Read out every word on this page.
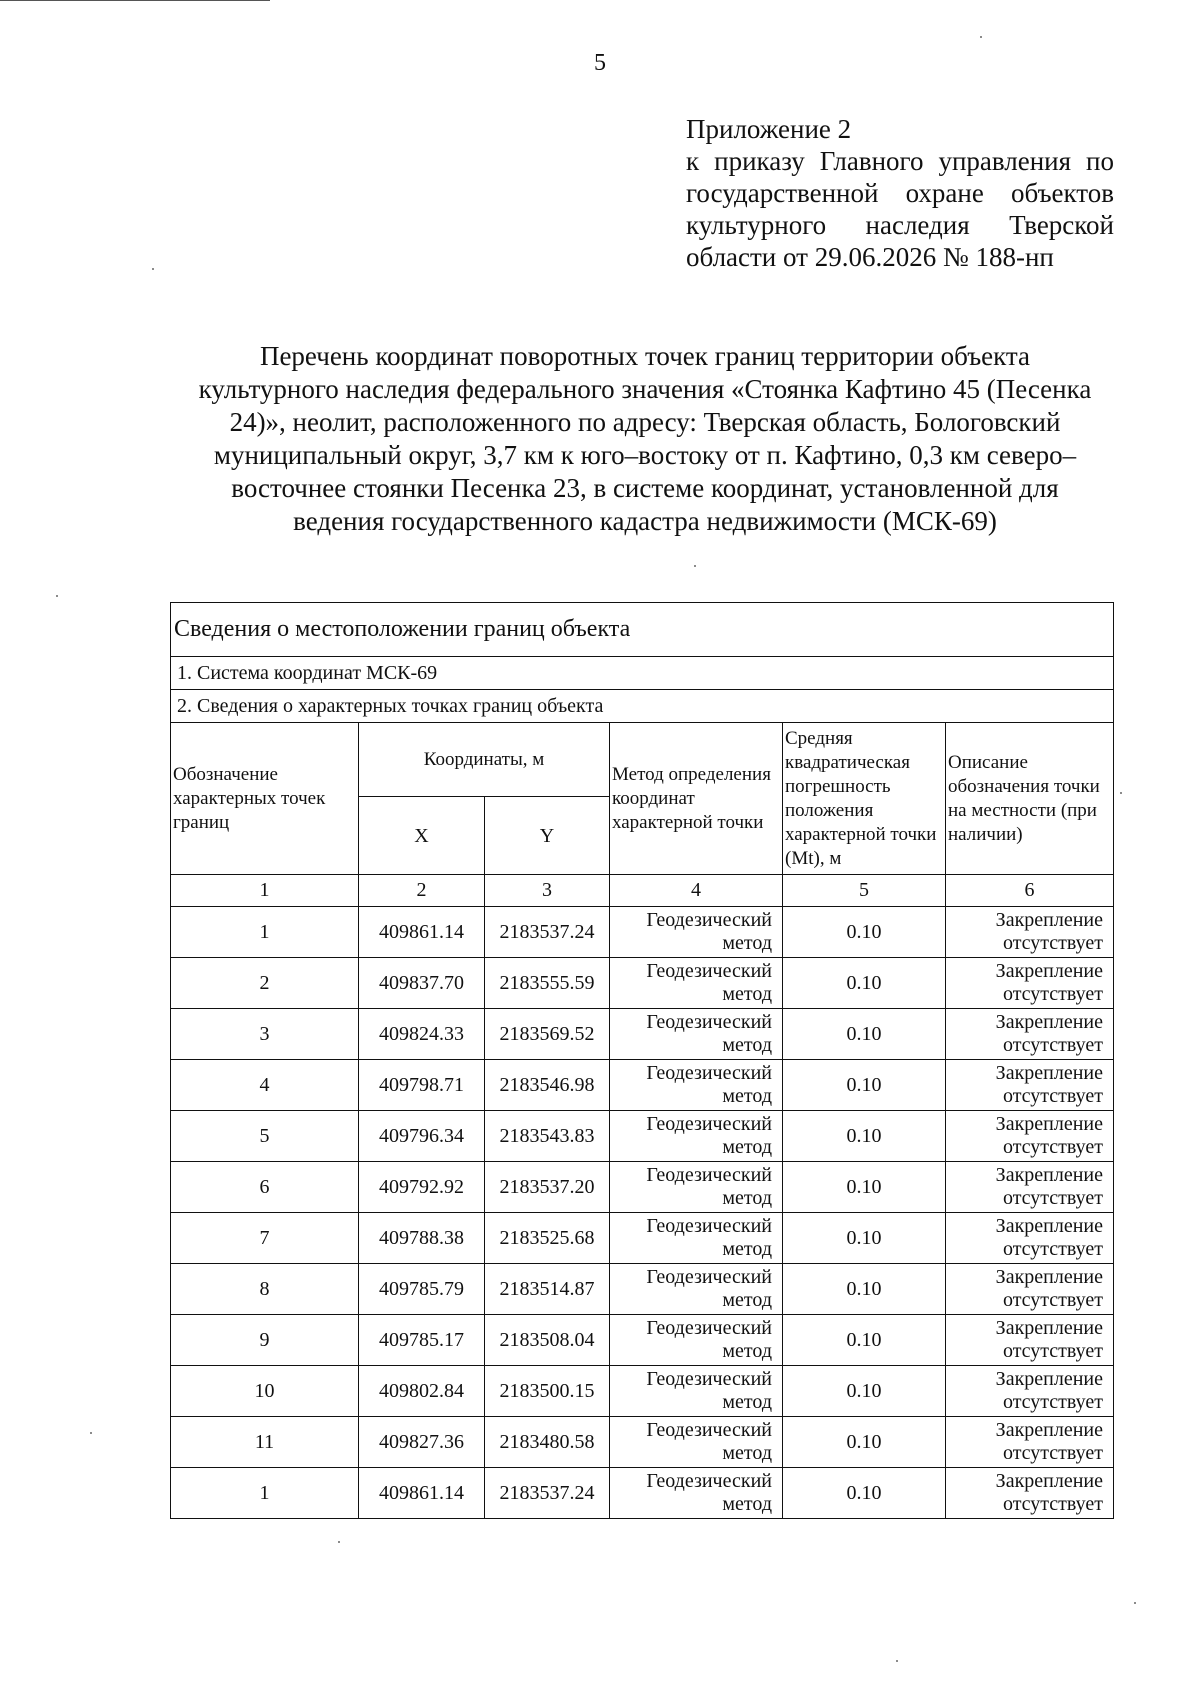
5
Приложение 2
к приказу Главного управления по
государственной охране объектов
культурного наследия Тверской
области от 29.06.2026 № 188-нп
Перечень координат поворотных точек границ территории объекта
культурного наследия федерального значения «Стоянка Кафтино 45 (Песенка
24)», неолит, расположенного по адресу: Тверская область, Бологовский
муниципальный округ, 3,7 км к юго–востоку от п. Кафтино, 0,3 км северо–
восточнее стоянки Песенка 23, в системе координат, установленной для
ведения государственного кадастра недвижимости (МСК-69)
Сведения о местоположении границ объекта					
1. Система координат МСК-69					
2. Сведения о характерных точках границ объекта					
Обозначение характерных точек границ	Координаты, м		Метод определения координат характерной точки	Средняя квадратическая погрешность положения характерной точки (Mt), м	Описание обозначения точки на местности (при наличии)
	X	Y			
1	2	3	4	5	6
1	409861.14	2183537.24	Геодезический
метод	0.10	Закрепление
отсутствует

2	409837.70	2183555.59	Геодезический
метод	0.10	Закрепление
отсутствует

3	409824.33	2183569.52	Геодезический
метод	0.10	Закрепление
отсутствует

4	409798.71	2183546.98	Геодезический
метод	0.10	Закрепление
отсутствует

5	409796.34	2183543.83	Геодезический
метод	0.10	Закрепление
отсутствует

6	409792.92	2183537.20	Геодезический
метод	0.10	Закрепление
отсутствует

7	409788.38	2183525.68	Геодезический
метод	0.10	Закрепление
отсутствует

8	409785.79	2183514.87	Геодезический
метод	0.10	Закрепление
отсутствует

9	409785.17	2183508.04	Геодезический
метод	0.10	Закрепление
отсутствует

10	409802.84	2183500.15	Геодезический
метод	0.10	Закрепление
отсутствует

11	409827.36	2183480.58	Геодезический
метод	0.10	Закрепление
отсутствует

1	409861.14	2183537.24	Геодезический
метод	0.10	Закрепление
отсутствует
